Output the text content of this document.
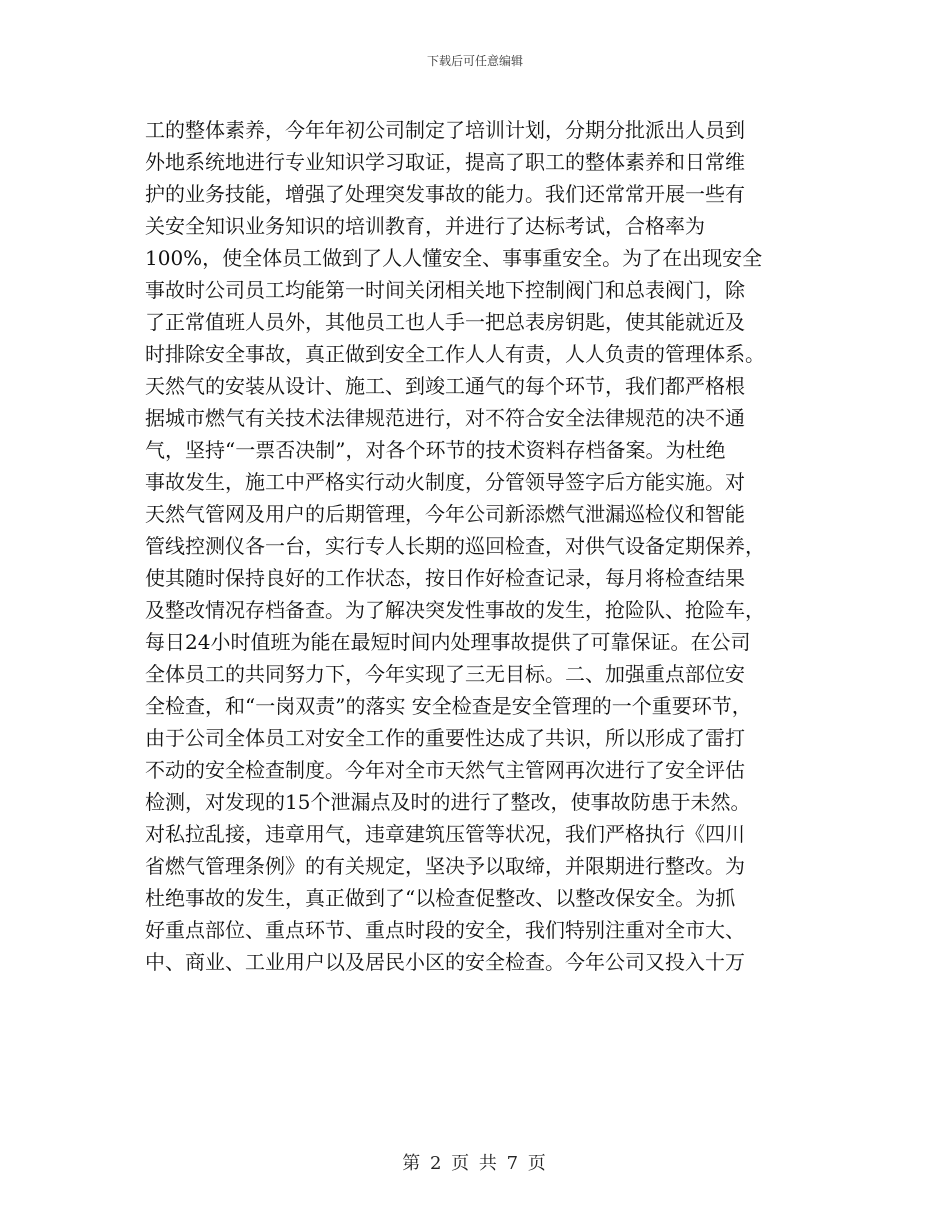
下载后可任意编辑
工的整体素养，今年年初公司制定了培训计划，分期分批派出人员到
外地系统地进行专业知识学习取证，提高了职工的整体素养和日常维
护的业务技能，增强了处理突发事故的能力。我们还常常开展一些有
关安全知识业务知识的培训教育，并进行了达标考试，合格率为
100%，使全体员工做到了人人懂安全、事事重安全。为了在出现安全
事故时公司员工均能第一时间关闭相关地下控制阀门和总表阀门，除
了正常值班人员外，其他员工也人手一把总表房钥匙，使其能就近及
时排除安全事故，真正做到安全工作人人有责，人人负责的管理体系。
天然气的安装从设计、施工、到竣工通气的每个环节，我们都严格根
据城市燃气有关技术法律规范进行，对不符合安全法律规范的决不通
气，坚持“一票否决制”，对各个环节的技术资料存档备案。为杜绝
事故发生，施工中严格实行动火制度，分管领导签字后方能实施。对
天然气管网及用户的后期管理，今年公司新添燃气泄漏巡检仪和智能
管线控测仪各一台，实行专人长期的巡回检查，对供气设备定期保养，
使其随时保持良好的工作状态，按日作好检查记录，每月将检查结果
及整改情况存档备查。为了解决突发性事故的发生，抢险队、抢险车，
每日24小时值班为能在最短时间内处理事故提供了可靠保证。在公司
全体员工的共同努力下，今年实现了三无目标。二、加强重点部位安
全检查，和“一岗双责”的落实 安全检查是安全管理的一个重要环节，
由于公司全体员工对安全工作的重要性达成了共识，所以形成了雷打
不动的安全检查制度。今年对全市天然气主管网再次进行了安全评估
检测，对发现的15个泄漏点及时的进行了整改，使事故防患于未然。
对私拉乱接，违章用气，违章建筑压管等状况，我们严格执行《四川
省燃气管理条例》的有关规定，坚决予以取缔，并限期进行整改。为
杜绝事故的发生，真正做到了“以检查促整改、以整改保安全。为抓
好重点部位、重点环节、重点时段的安全，我们特别注重对全市大、
中、商业、工业用户以及居民小区的安全检查。今年公司又投入十万
第 2 页 共 7 页
